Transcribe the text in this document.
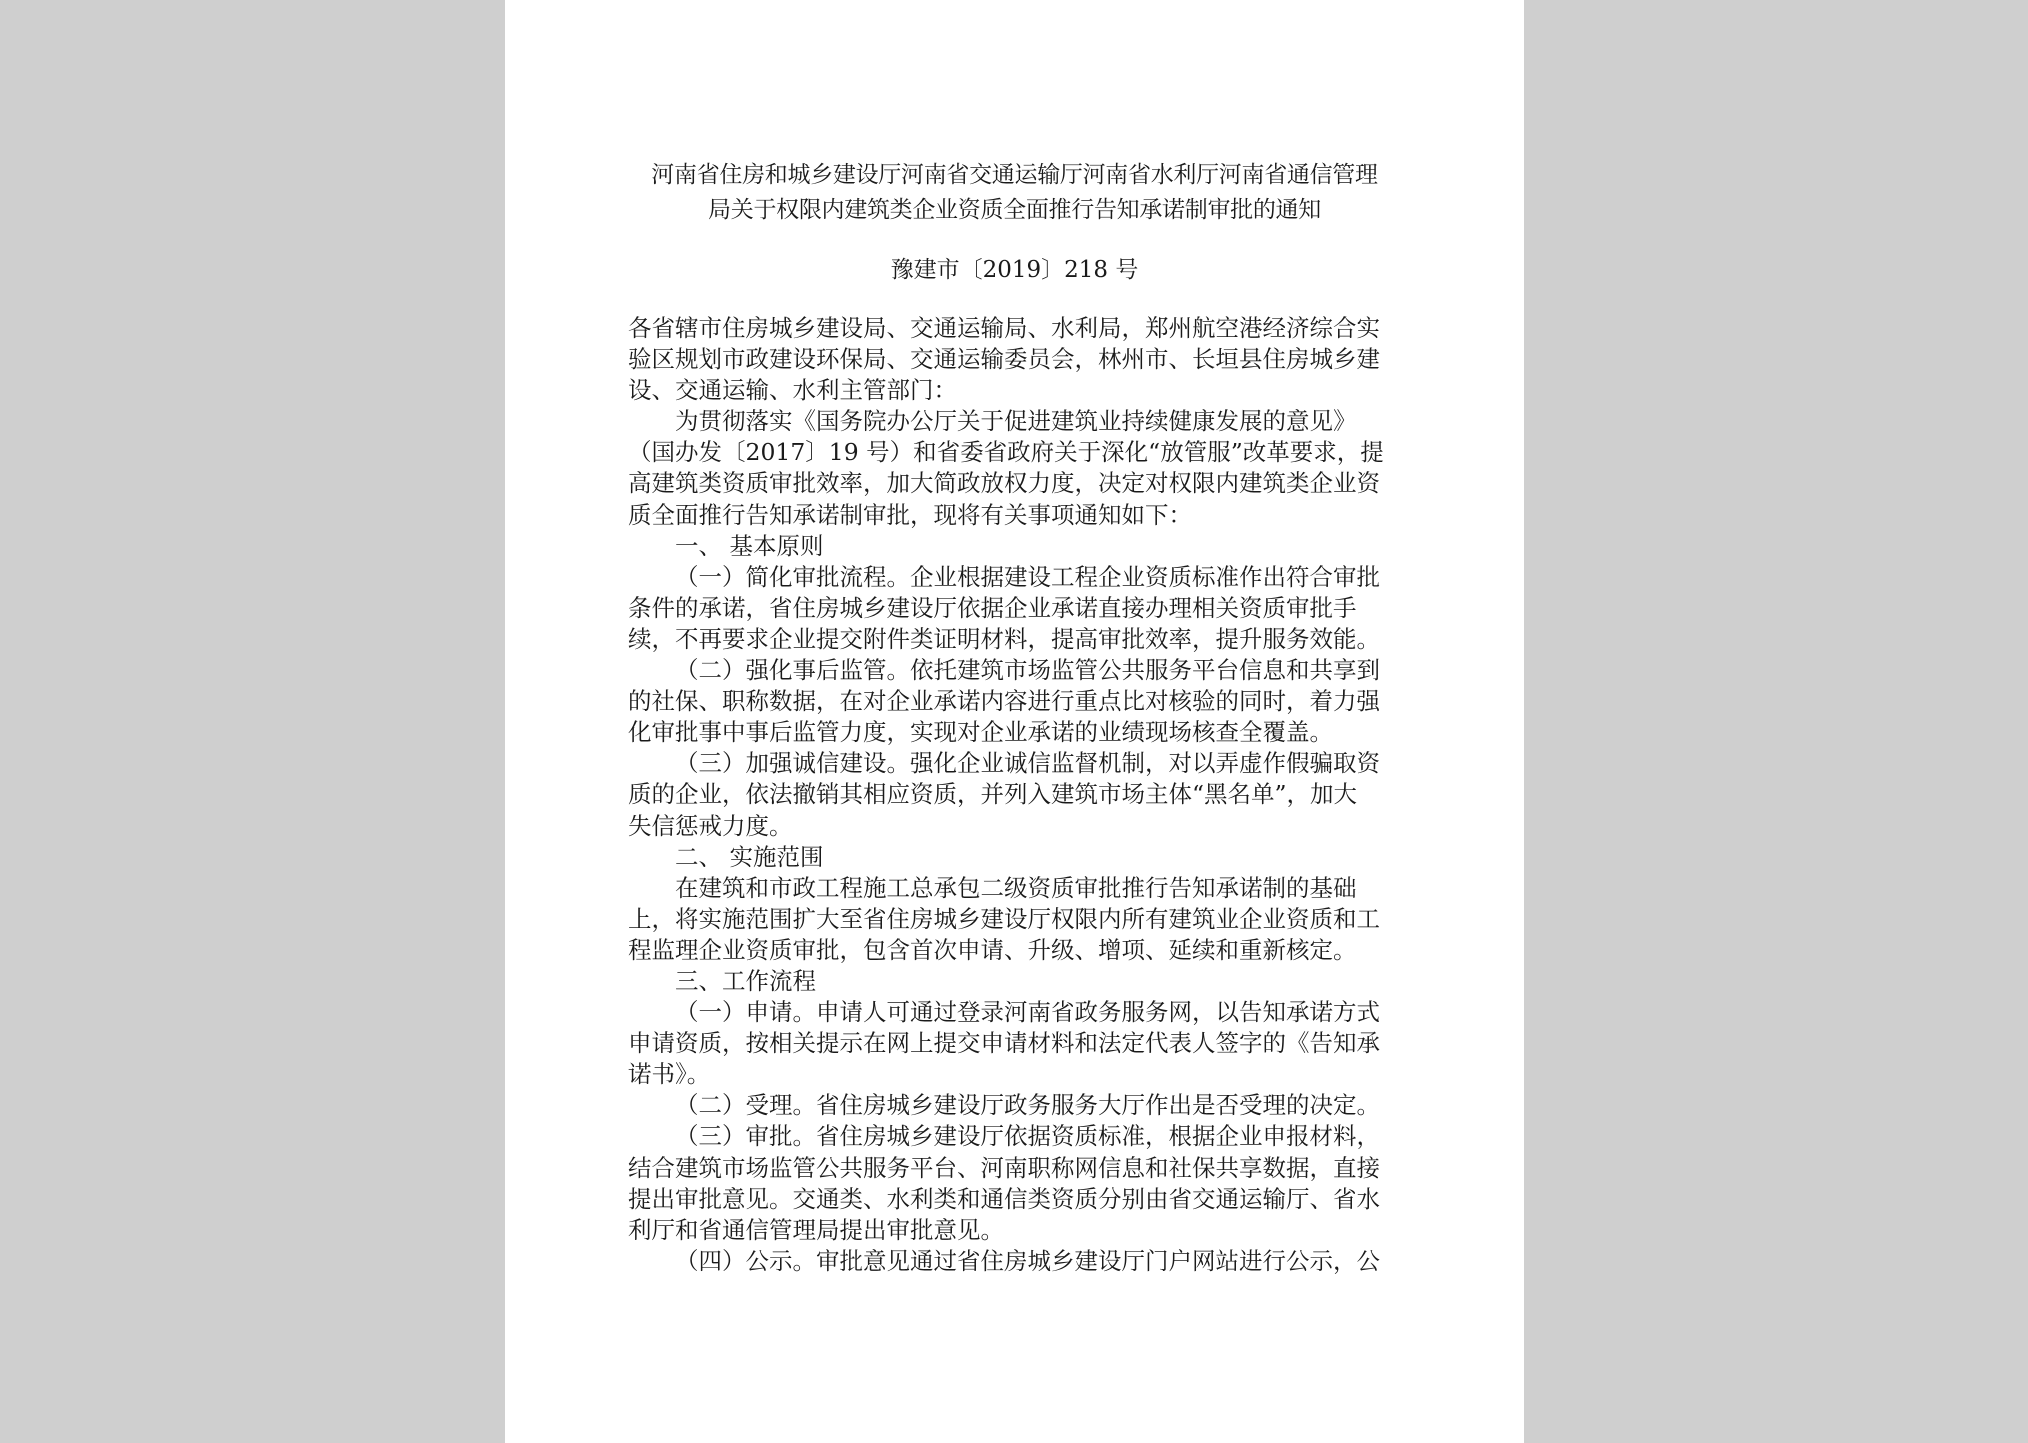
河南省住房和城乡建设厅河南省交通运输厅河南省水利厅河南省通信管理
局关于权限内建筑类企业资质全面推行告知承诺制审批的通知
豫建市〔2019〕218 号
各省辖市住房城乡建设局、交通运输局、水利局，郑州航空港经济综合实
验区规划市政建设环保局、交通运输委员会，林州市、长垣县住房城乡建
设、交通运输、水利主管部门：
为贯彻落实《国务院办公厅关于促进建筑业持续健康发展的意见》
（国办发〔2017〕19 号）和省委省政府关于深化“放管服”改革要求，提
高建筑类资质审批效率，加大简政放权力度，决定对权限内建筑类企业资
质全面推行告知承诺制审批，现将有关事项通知如下：
一、 基本原则
（一）简化审批流程。企业根据建设工程企业资质标准作出符合审批
条件的承诺，省住房城乡建设厅依据企业承诺直接办理相关资质审批手
续，不再要求企业提交附件类证明材料，提高审批效率，提升服务效能。
（二）强化事后监管。依托建筑市场监管公共服务平台信息和共享到
的社保、职称数据，在对企业承诺内容进行重点比对核验的同时，着力强
化审批事中事后监管力度，实现对企业承诺的业绩现场核查全覆盖。
（三）加强诚信建设。强化企业诚信监督机制，对以弄虚作假骗取资
质的企业，依法撤销其相应资质，并列入建筑市场主体“黑名单”，加大
失信惩戒力度。
二、 实施范围
在建筑和市政工程施工总承包二级资质审批推行告知承诺制的基础
上，将实施范围扩大至省住房城乡建设厅权限内所有建筑业企业资质和工
程监理企业资质审批，包含首次申请、升级、增项、延续和重新核定。
三、工作流程
（一）申请。申请人可通过登录河南省政务服务网，以告知承诺方式
申请资质，按相关提示在网上提交申请材料和法定代表人签字的《告知承
诺书》。
（二）受理。省住房城乡建设厅政务服务大厅作出是否受理的决定。
（三）审批。省住房城乡建设厅依据资质标准，根据企业申报材料，
结合建筑市场监管公共服务平台、河南职称网信息和社保共享数据，直接
提出审批意见。交通类、水利类和通信类资质分别由省交通运输厅、省水
利厅和省通信管理局提出审批意见。
（四）公示。审批意见通过省住房城乡建设厅门户网站进行公示，公
